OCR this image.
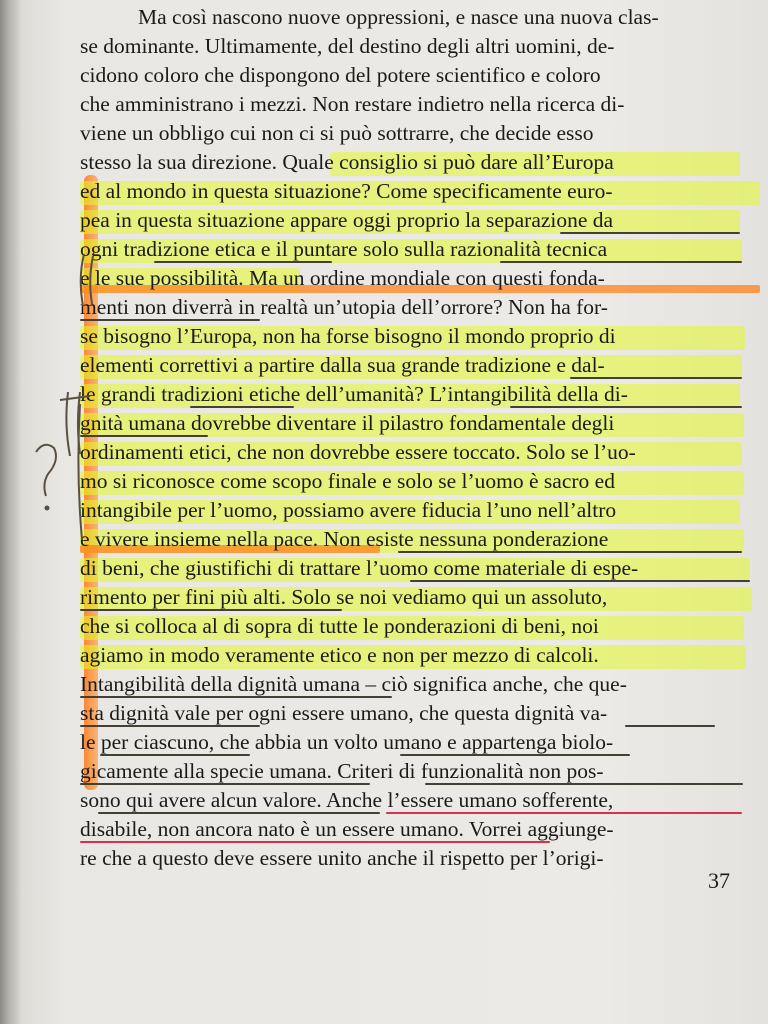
Ma così nascono nuove oppressioni, e nasce una nuova clas-
se dominante. Ultimamente, del destino degli altri uomini, de-
cidono coloro che dispongono del potere scientifico e coloro
che amministrano i mezzi. Non restare indietro nella ricerca di-
viene un obbligo cui non ci si può sottrarre, che decide esso
stesso la sua direzione. Quale consiglio si può dare all’Europa
ed al mondo in questa situazione? Come specificamente euro-
pea in questa situazione appare oggi proprio la separazione da
ogni tradizione etica e il puntare solo sulla razionalità tecnica
e le sue possibilità. Ma un ordine mondiale con questi fonda-
menti non diverrà in realtà un’utopia dell’orrore? Non ha for-
se bisogno l’Europa, non ha forse bisogno il mondo proprio di
elementi correttivi a partire dalla sua grande tradizione e dal-
le grandi tradizioni etiche dell’umanità? L’intangibilità della di-
gnità umana dovrebbe diventare il pilastro fondamentale degli
ordinamenti etici, che non dovrebbe essere toccato. Solo se l’uo-
mo si riconosce come scopo finale e solo se l’uomo è sacro ed
intangibile per l’uomo, possiamo avere fiducia l’uno nell’altro
e vivere insieme nella pace. Non esiste nessuna ponderazione
di beni, che giustifichi di trattare l’uomo come materiale di espe-
rimento per fini più alti. Solo se noi vediamo qui un assoluto,
che si colloca al di sopra di tutte le ponderazioni di beni, noi
agiamo in modo veramente etico e non per mezzo di calcoli.
Intangibilità della dignità umana – ciò significa anche, che que-
sta dignità vale per ogni essere umano, che questa dignità va-
le per ciascuno, che abbia un volto umano e appartenga biolo-
gicamente alla specie umana. Criteri di funzionalità non pos-
sono qui avere alcun valore. Anche l’essere umano sofferente,
disabile, non ancora nato è un essere umano. Vorrei aggiunge-
re che a questo deve essere unito anche il rispetto per l’origi-
37
